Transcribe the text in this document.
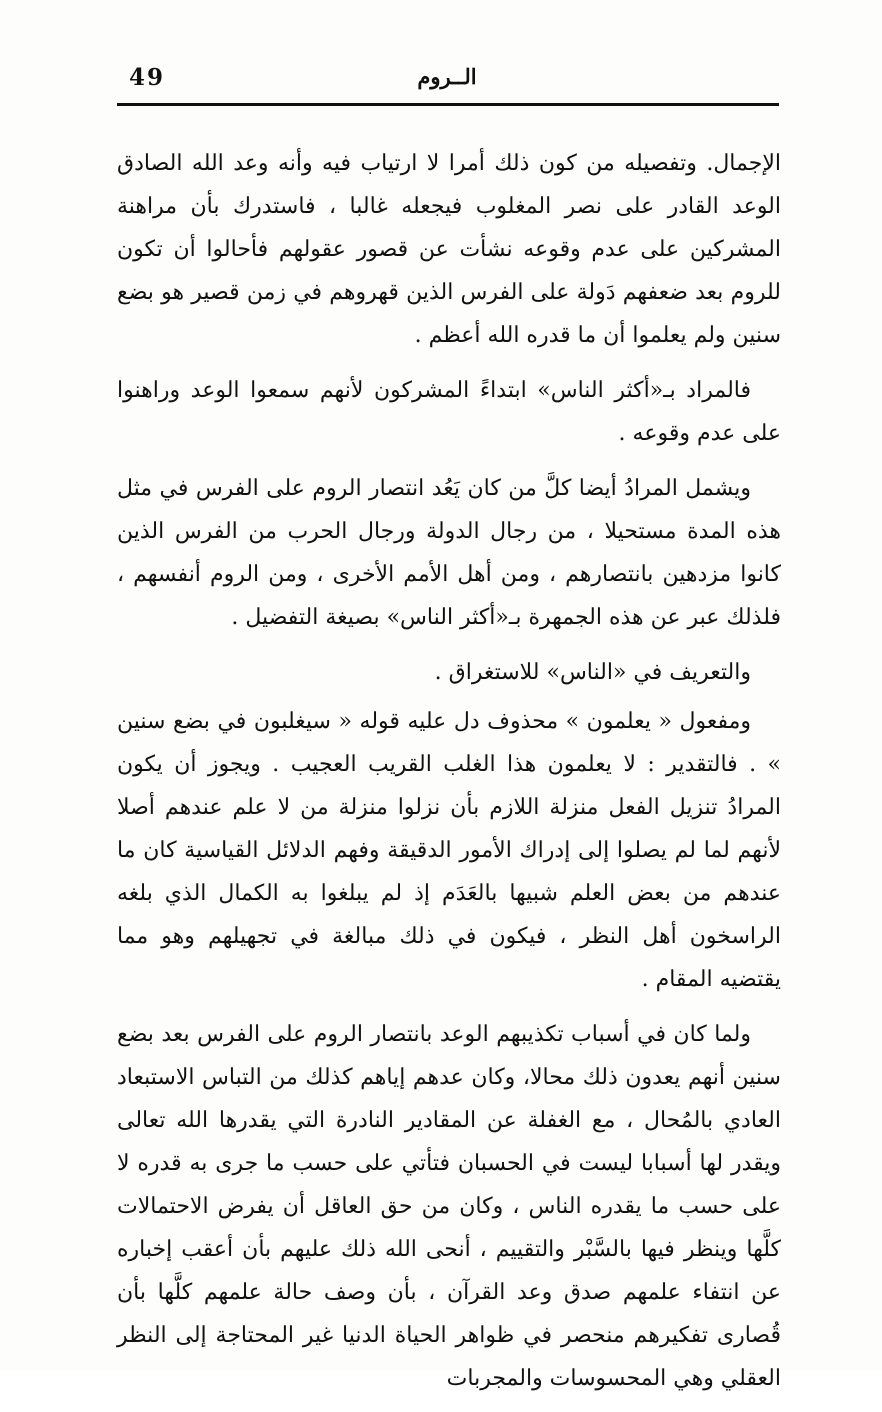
49	الــروم

الإجمال. وتفصيله من كون ذلك أمرا لا ارتياب فيه وأنه وعد الله الصادق الوعد القادر على نصر المغلوب فيجعله غالبا ، فاستدرك بأن مراهنة المشركين على عدم وقوعه نشأت عن قصور عقولهم فأحالوا أن تكون للروم بعد ضعفهم دَولة على الفرس الذين قهروهم في زمن قصير هو بضع سنين ولم يعلموا أن ما قدره الله أعظم .

فالمراد بـ«أكثر الناس» ابتداءً المشركون لأنهم سمعوا الوعد وراهنوا على عدم وقوعه .

ويشمل المرادُ أيضا كلَّ من كان يَعُد انتصار الروم على الفرس في مثل هذه المدة مستحيلا ، من رجال الدولة ورجال الحرب من الفرس الذين كانوا مزدهين بانتصارهم ، ومن أهل الأمم الأخرى ، ومن الروم أنفسهم ، فلذلك عبر عن هذه الجمهرة بـ«أكثر الناس» بصيغة التفضيل .

والتعريف في «الناس» للاستغراق .

ومفعول « يعلمون » محذوف دل عليه قوله « سيغلبون في بضع سنين » . فالتقدير : لا يعلمون هذا الغلب القريب العجيب . ويجوز أن يكون المرادُ تنزيل الفعل منزلة اللازم بأن نزلوا منزلة من لا علم عندهم أصلا لأنهم لما لم يصلوا إلى إدراك الأمور الدقيقة وفهم الدلائل القياسية كان ما عندهم من بعض العلم شبيها بالعَدَم إذ لم يبلغوا به الكمال الذي بلغه الراسخون أهل النظر ، فيكون في ذلك مبالغة في تجهيلهم وهو مما يقتضيه المقام .

ولما كان في أسباب تكذيبهم الوعد بانتصار الروم على الفرس بعد بضع سنين أنهم يعدون ذلك محالا، وكان عدهم إياهم كذلك من التباس الاستبعاد العادي بالمُحال ، مع الغفلة عن المقادير النادرة التي يقدرها الله تعالى ويقدر لها أسبابا ليست في الحسبان فتأتي على حسب ما جرى به قدره لا على حسب ما يقدره الناس ، وكان من حق العاقل أن يفرض الاحتمالات كلَّها وينظر فيها بالسَّبْر والتقييم ، أنحى الله ذلك عليهم بأن أعقب إخباره عن انتفاء علمهم صدق وعد القرآن ، بأن وصف حالة علمهم كلَّها بأن قُصارى تفكيرهم منحصر في ظواهر الحياة الدنيا غير المحتاجة إلى النظر العقلي وهي المحسوسات والمجربات
